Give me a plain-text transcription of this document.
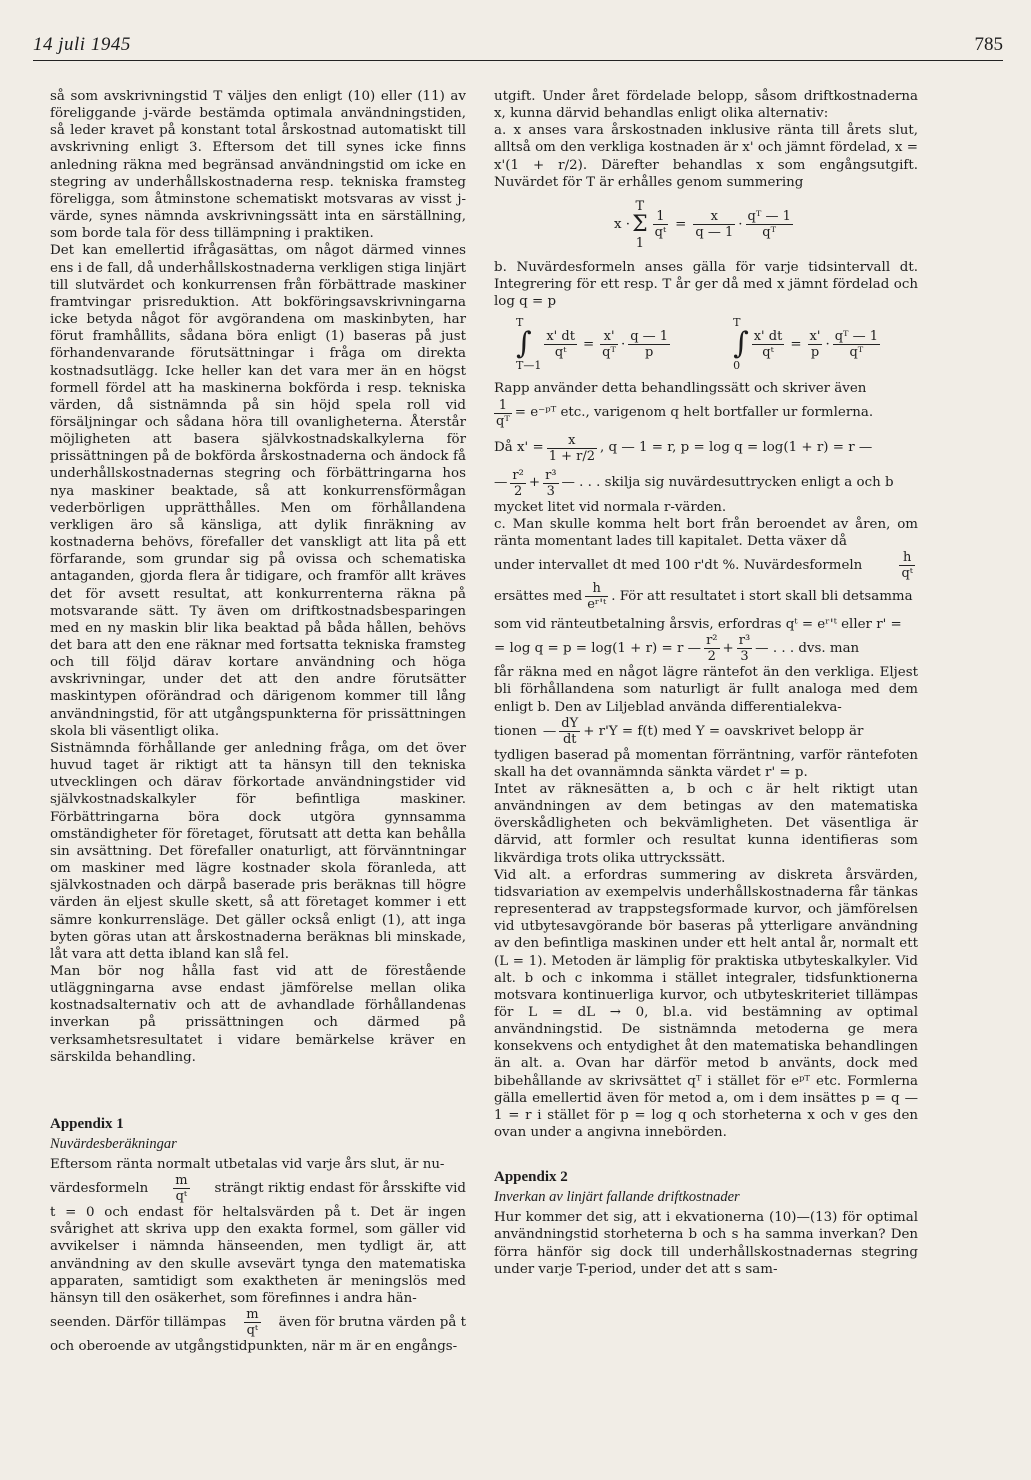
14 juli 1945	785

så som avskrivningstid T väljes den enligt (10) eller (11) av föreliggande j-värde bestämda optimala användningstiden, så leder kravet på konstant total årskostnad automatiskt till avskrivning enligt 3. Eftersom det till synes icke finns anledning räkna med begränsad användningstid om icke en stegring av underhållskostnaderna resp. tekniska framsteg föreligga, som åtminstone schematiskt motsvaras av visst j-värde, synes nämnda avskrivningssätt inta en särställning, som borde tala för dess tillämpning i praktiken.

Det kan emellertid ifrågasättas, om något därmed vinnes ens i de fall, då underhållskostnaderna verkligen stiga linjärt till slutvärdet och konkurrensen från förbättrade maskiner framtvingar prisreduktion. Att bokföringsavskrivningarna icke betyda något för avgörandena om maskinbyten, har förut framhållits, sådana böra enligt (1) baseras på just förhandenvarande förutsättningar i fråga om direkta kostnadsutlägg. Icke heller kan det vara mer än en högst formell fördel att ha maskinerna bokförda i resp. tekniska värden, då sistnämnda på sin höjd spela roll vid försäljningar och sådana höra till ovanligheterna. Återstår möjligheten att basera självkostnadskalkylerna för prissättningen på de bokförda årskostnaderna och ändock få underhållskostnadernas stegring och förbättringarna hos nya maskiner beaktade, så att konkurrensförmågan vederbörligen upprätthålles. Men om förhållandena verkligen äro så känsliga, att dylik finräkning av kostnaderna behövs, förefaller det vanskligt att lita på ett förfarande, som grundar sig på ovissa och schematiska antaganden, gjorda flera år tidigare, och framför allt kräves det för avsett resultat, att konkurrenterna räkna på motsvarande sätt. Ty även om driftkostnadsbesparingen med en ny maskin blir lika beaktad på båda hållen, behövs det bara att den ene räknar med fortsatta tekniska framsteg och till följd därav kortare användning och höga avskrivningar, under det att den andre förutsätter maskintypen oförändrad och därigenom kommer till lång användningstid, för att utgångspunkterna för prissättningen skola bli väsentligt olika.

Sistnämnda förhållande ger anledning fråga, om det över huvud taget är riktigt att ta hänsyn till den tekniska utvecklingen och därav förkortade användningstider vid självkostnadskalkyler för befintliga maskiner. Förbättringarna böra dock utgöra gynnsamma omständigheter för företaget, förutsatt att detta kan behålla sin avsättning. Det förefaller onaturligt, att förvänntningar om maskiner med lägre kostnader skola föranleda, att självkostnaden och därpå baserade pris beräknas till högre värden än eljest skulle skett, så att företaget kommer i ett sämre konkurrensläge. Det gäller också enligt (1), att inga byten göras utan att årskostnaderna beräknas bli minskade, låt vara att detta ibland kan slå fel.

Man bör nog hålla fast vid att de förestående utläggningarna avse endast jämförelse mellan olika kostnadsalternativ och att de avhandlade förhållandenas inverkan på prissättningen och därmed på verksamhetsresultatet i vidare bemärkelse kräver en särskilda behandling.

Appendix 1

Nuvärdesberäkningar

Eftersom ränta normalt utbetalas vid varje års slut, är nu-

värdesformeln $\frac{m}{\text{qᵗ}}$ strängt riktig endast för årsskifte vid

t = 0 och endast för heltalsvärden på t. Det är ingen svårighet att skriva upp den exakta formel, som gäller vid avvikelser i nämnda hänseenden, men tydligt är, att användning av den skulle avsevärt tynga den matematiska apparaten, samtidigt som exaktheten är meningslös med hänsyn till den osäkerhet, som förefinnes i andra hän-

seenden. Därför tillämpas $\frac{m}{\text{qᵗ}}$ även för brutna värden på t

och oberoende av utgångstidpunkten, när m är en engångs-

utgift. Under året fördelade belopp, såsom driftkostnaderna x, kunna därvid behandlas enligt olika alternativ:

a. x anses vara årskostnaden inklusive ränta till årets slut, alltså om den verkliga kostnaden är x' och jämnt fördelad, x = x'(1 + r/2). Därefter behandlas x som engångsutgift. Nuvärdet för T är erhålles genom summering

x ·
T
Σ
1
$\frac{1}{\text{qᵗ}} = \frac{x}{q — 1} \cdot \frac{\text{qᵀ — 1}}{\text{qᵀ}}$

b. Nuvärdesformeln anses gälla för varje tidsintervall dt. Integrering för ett resp. T år ger då med x jämnt fördelad och log q = p

T
∫
T—1
$\frac{x' dt}{\text{qᵗ}} = \frac{x'}{\text{qᵀ}} \cdot \frac{q — 1}{p}$
T
∫
0
$\frac{x' dt}{\text{qᵗ}} = \frac{x'}{p} \cdot \frac{\text{qᵀ — 1}}{\text{qᵀ}}$

Rapp använder detta behandlingssätt och skriver även

$\frac{1}{\text{qᵀ}}$ = e⁻ᵖᵀ etc., varigenom q helt bortfaller ur formlerna.

Då $x' = \frac{x}{1 + r/2}$ , q — 1 = r, p = log q = log(1 + r) = r —

— $\frac{\text{r²}}{2} + \frac{\text{r³}}{3}$ — . . . skilja sig nuvärdesuttrycken enligt a och b

mycket litet vid normala r-värden.

c. Man skulle komma helt bort från beroendet av åren, om ränta momentant lades till kapitalet. Detta växer då

under intervallet dt med 100 r'dt %. Nuvärdesformeln	$\frac{h}{\text{qᵗ}}$

ersättes med $\frac{h}{\text{eʳ'ᵗ}}$ . För att resultatet i stort skall bli detsamma

som vid ränteutbetalning årsvis, erfordras qᵗ = eʳ'ᵗ eller r' =

= log q = p = log(1 + r) = r — $\frac{\text{r²}}{2} + \frac{\text{r³}}{3}$ — . . . dvs. man

får räkna med en något lägre räntefot än den verkliga. Eljest bli förhållandena som naturligt är fullt analoga med dem enligt b. Den av Liljeblad använda differentialekva-

tionen — $\frac{dY}{dt} + r'Y = f(t)$ med Y = oavskrivet belopp är

tydligen baserad på momentan förräntning, varför räntefoten skall ha det ovannämnda sänkta värdet r' = p.

Intet av räknesätten a, b och c är helt riktigt utan användningen av dem betingas av den matematiska överskådligheten och bekvämligheten. Det väsentliga är därvid, att formler och resultat kunna identifieras som likvärdiga trots olika uttryckssätt.

Vid alt. a erfordras summering av diskreta årsvärden, tidsvariation av exempelvis underhållskostnaderna får tänkas representerad av trappstegsformade kurvor, och jämförelsen vid utbytesavgörande bör baseras på ytterligare användning av den befintliga maskinen under ett helt antal år, normalt ett (L = 1). Metoden är lämplig för praktiska utbyteskalkyler. Vid alt. b och c inkomma i stället integraler, tidsfunktionerna motsvara kontinuerliga kurvor, och utbyteskriteriet tillämpas för L = dL → 0, bl.a. vid bestämning av optimal användningstid. De sistnämnda metoderna ge mera konsekvens och entydighet åt den matematiska behandlingen än alt. a. Ovan har därför metod b använts, dock med bibehållande av skrivsättet qᵀ i stället för eᵖᵀ etc. Formlerna gälla emellertid även för metod a, om i dem insättes p = q — 1 = r i stället för p = log q och storheterna x och v ges den ovan under a angivna innebörden.

Appendix 2

Inverkan av linjärt fallande driftkostnader

Hur kommer det sig, att i ekvationerna (10)—(13) för optimal användningstid storheterna b och s ha samma inverkan? Den förra hänför sig dock till underhållskostnadernas stegring under varje T-period, under det att s sam-
